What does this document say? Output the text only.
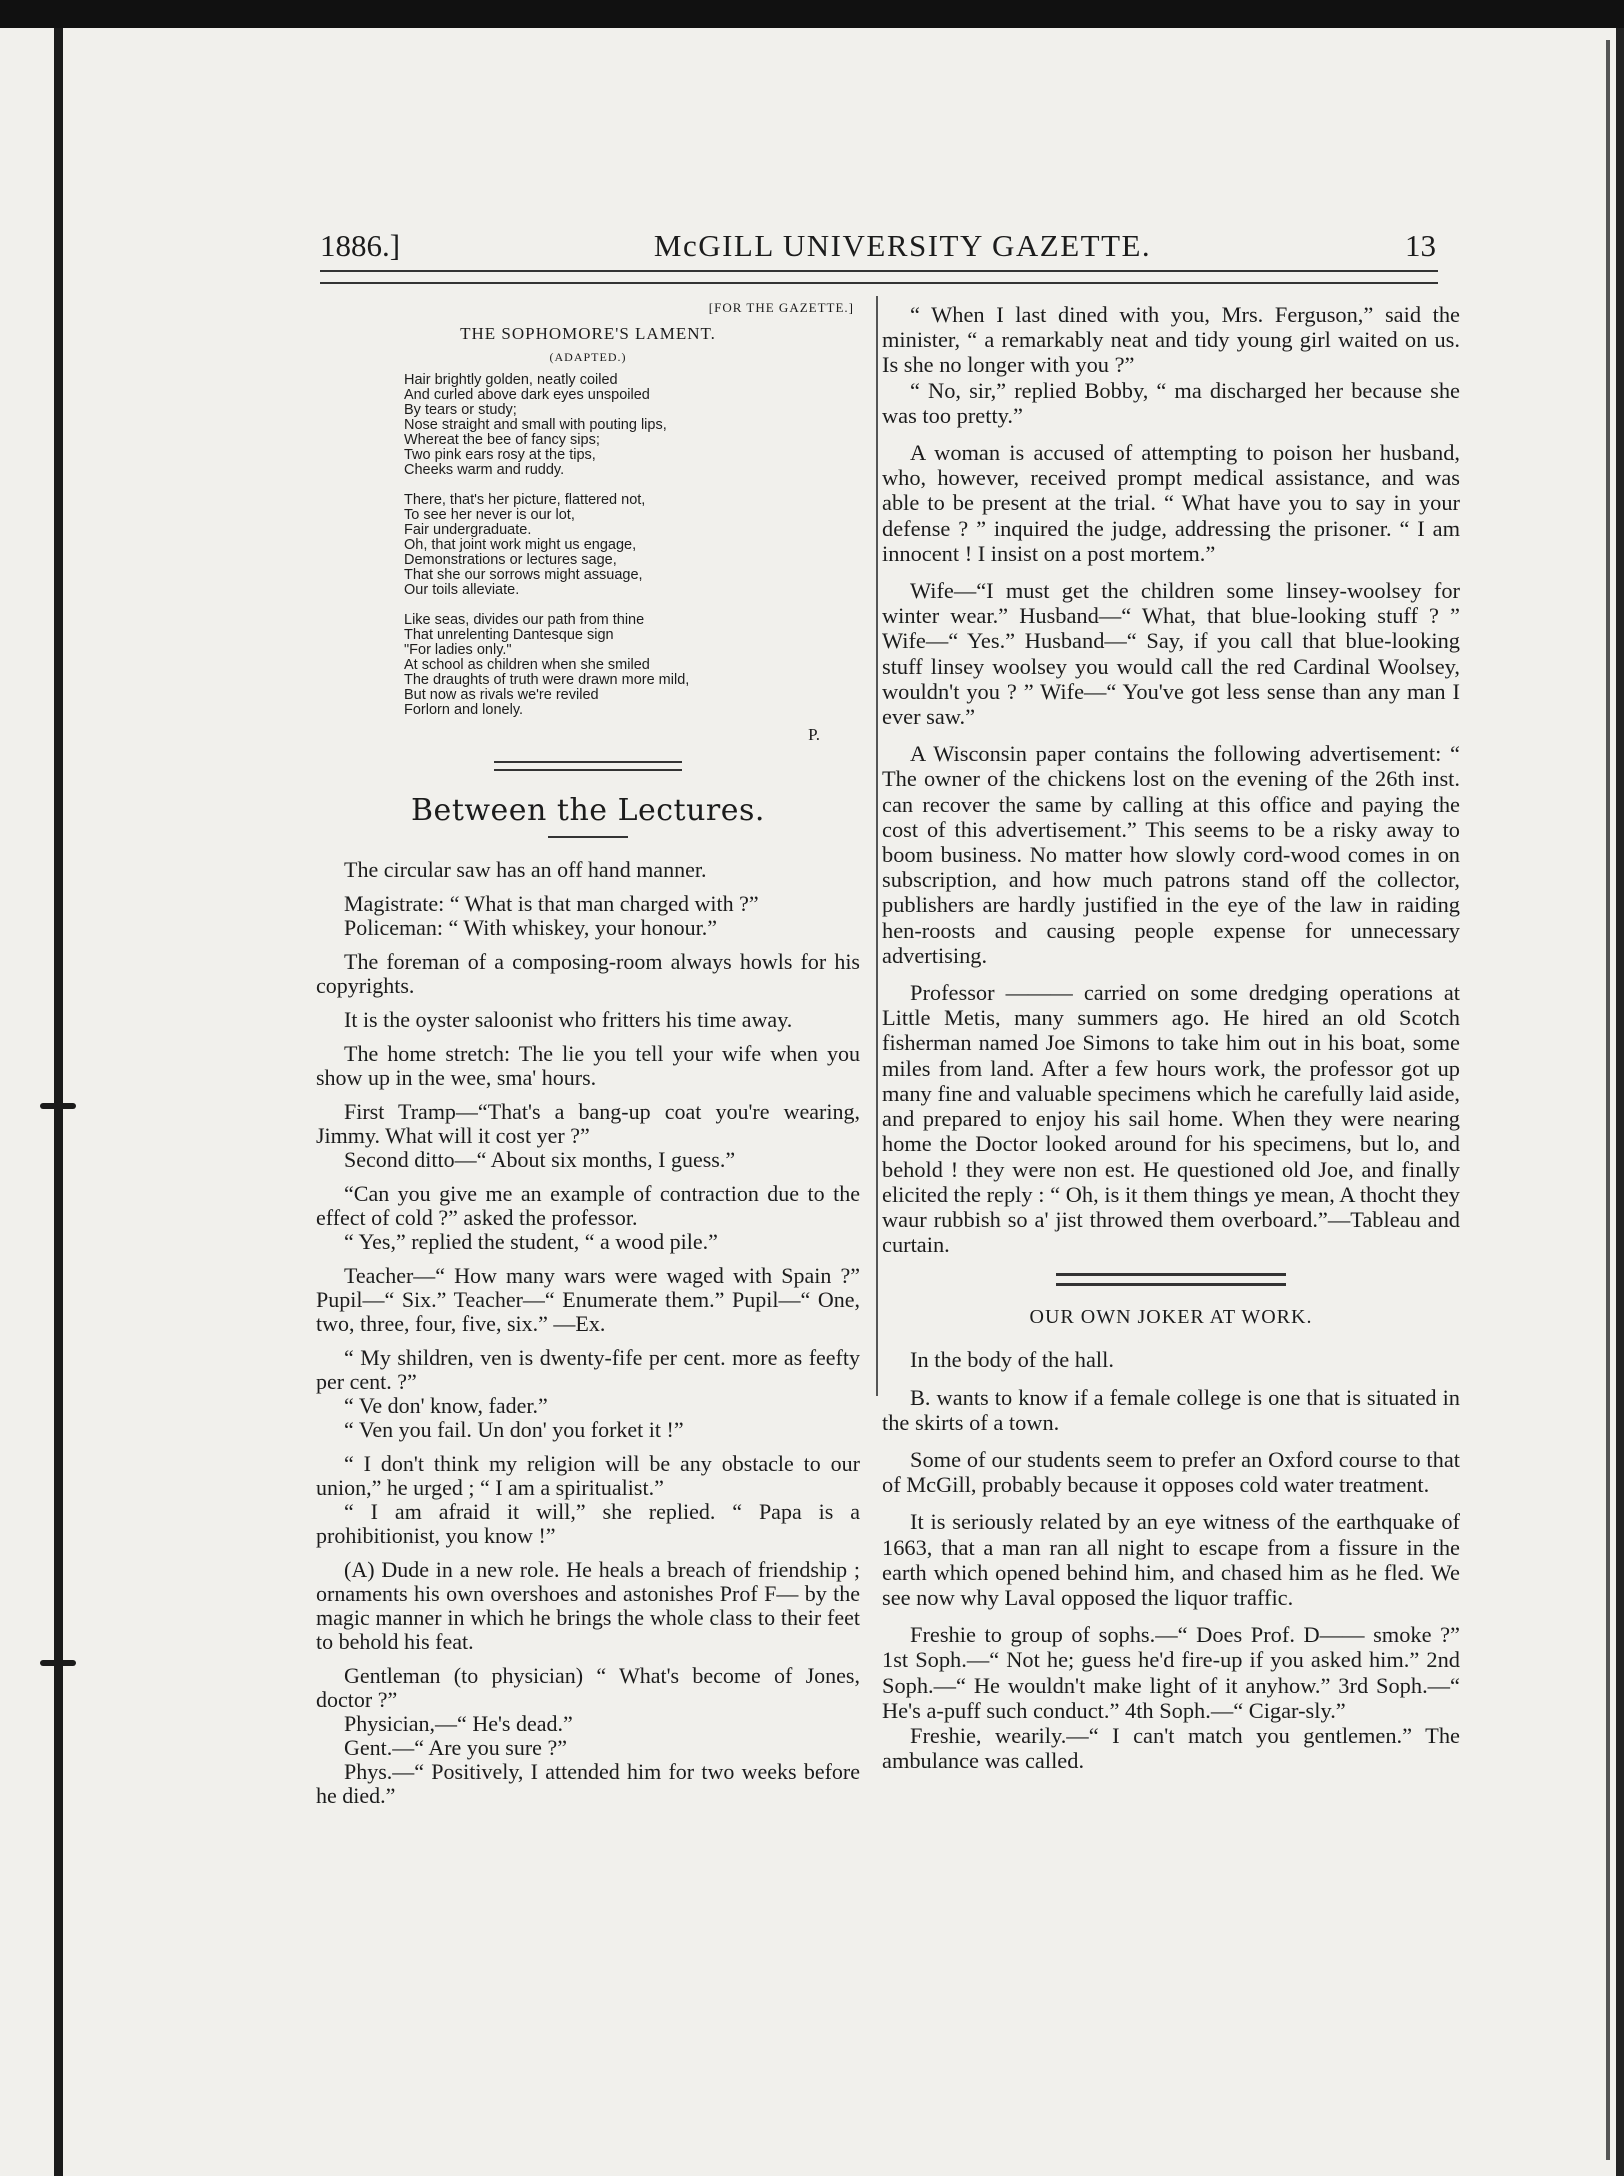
1886.]	McGILL UNIVERSITY GAZETTE.	13
[FOR THE GAZETTE.]
THE SOPHOMORE'S LAMENT.
(ADAPTED.)
Hair brightly golden, neatly coiled
And curled above dark eyes unspoiled
By tears or study;
Nose straight and small with pouting lips,
Whereat the bee of fancy sips;
Two pink ears rosy at the tips,
Cheeks warm and ruddy.
There, that's her picture, flattered not,
To see her never is our lot,
Fair undergraduate.
Oh, that joint work might us engage,
Demonstrations or lectures sage,
That she our sorrows might assuage,
Our toils alleviate.
Like seas, divides our path from thine
That unrelenting Dantesque sign
"For ladies only."
At school as children when she smiled
The draughts of truth were drawn more mild,
But now as rivals we're reviled
Forlorn and lonely.
P.
Between the Lectures.

The circular saw has an off hand manner.

Magistrate: “ What is that man charged with ?”

Policeman: “ With whiskey, your honour.”

The foreman of a composing-room always howls for his copyrights.

It is the oyster saloonist who fritters his time away.

The home stretch: The lie you tell your wife when you show up in the wee, sma' hours.

First Tramp—“That's a bang-up coat you're wearing, Jimmy. What will it cost yer ?”

Second ditto—“ About six months, I guess.”

“Can you give me an example of contraction due to the effect of cold ?” asked the professor.

“ Yes,” replied the student, “ a wood pile.”

Teacher—“ How many wars were waged with Spain ?” Pupil—“ Six.” Teacher—“ Enumerate them.” Pupil—“ One, two, three, four, five, six.” —Ex.

“ My shildren, ven is dwenty-fife per cent. more as feefty per cent. ?”

“ Ve don' know, fader.”

“ Ven you fail. Un don' you forket it !”

“ I don't think my religion will be any obstacle to our union,” he urged ; “ I am a spiritualist.”

“ I am afraid it will,” she replied. “ Papa is a prohibitionist, you know !”

(A) Dude in a new role. He heals a breach of friendship ; ornaments his own overshoes and astonishes Prof F— by the magic manner in which he brings the whole class to their feet to behold his feat.

Gentleman (to physician) “ What's become of Jones, doctor ?”

Physician,—“ He's dead.”

Gent.—“ Are you sure ?”

Phys.—“ Positively, I attended him for two weeks before he died.”

“ When I last dined with you, Mrs. Ferguson,” said the minister, “ a remarkably neat and tidy young girl waited on us. Is she no longer with you ?”

“ No, sir,” replied Bobby, “ ma discharged her because she was too pretty.”

A woman is accused of attempting to poison her husband, who, however, received prompt medical assistance, and was able to be present at the trial. “ What have you to say in your defense ? ” inquired the judge, addressing the prisoner. “ I am innocent ! I insist on a post mortem.”

Wife—“I must get the children some linsey-woolsey for winter wear.” Husband—“ What, that blue-looking stuff ? ” Wife—“ Yes.” Husband—“ Say, if you call that blue-looking stuff linsey woolsey you would call the red Cardinal Woolsey, wouldn't you ? ” Wife—“ You've got less sense than any man I ever saw.”

A Wisconsin paper contains the following advertisement: “ The owner of the chickens lost on the evening of the 26th inst. can recover the same by calling at this office and paying the cost of this advertisement.” This seems to be a risky away to boom business. No matter how slowly cord-wood comes in on subscription, and how much patrons stand off the collector, publishers are hardly justified in the eye of the law in raiding hen-roosts and causing people expense for unnecessary advertising.

Professor ——— carried on some dredging operations at Little Metis, many summers ago. He hired an old Scotch fisherman named Joe Simons to take him out in his boat, some miles from land. After a few hours work, the professor got up many fine and valuable specimens which he carefully laid aside, and prepared to enjoy his sail home. When they were nearing home the Doctor looked around for his specimens, but lo, and behold ! they were non est. He questioned old Joe, and finally elicited the reply : “ Oh, is it them things ye mean, A thocht they waur rubbish so a' jist throwed them overboard.”—Tableau and curtain.

OUR OWN JOKER AT WORK.

In the body of the hall.

B. wants to know if a female college is one that is situated in the skirts of a town.

Some of our students seem to prefer an Oxford course to that of McGill, probably because it opposes cold water treatment.

It is seriously related by an eye witness of the earthquake of 1663, that a man ran all night to escape from a fissure in the earth which opened behind him, and chased him as he fled. We see now why Laval opposed the liquor traffic.

Freshie to group of sophs.—“ Does Prof. D—— smoke ?” 1st Soph.—“ Not he; guess he'd fire-up if you asked him.” 2nd Soph.—“ He wouldn't make light of it anyhow.” 3rd Soph.—“ He's a-puff such conduct.” 4th Soph.—“ Cigar-sly.”

Freshie, wearily.—“ I can't match you gentlemen.” The ambulance was called.
